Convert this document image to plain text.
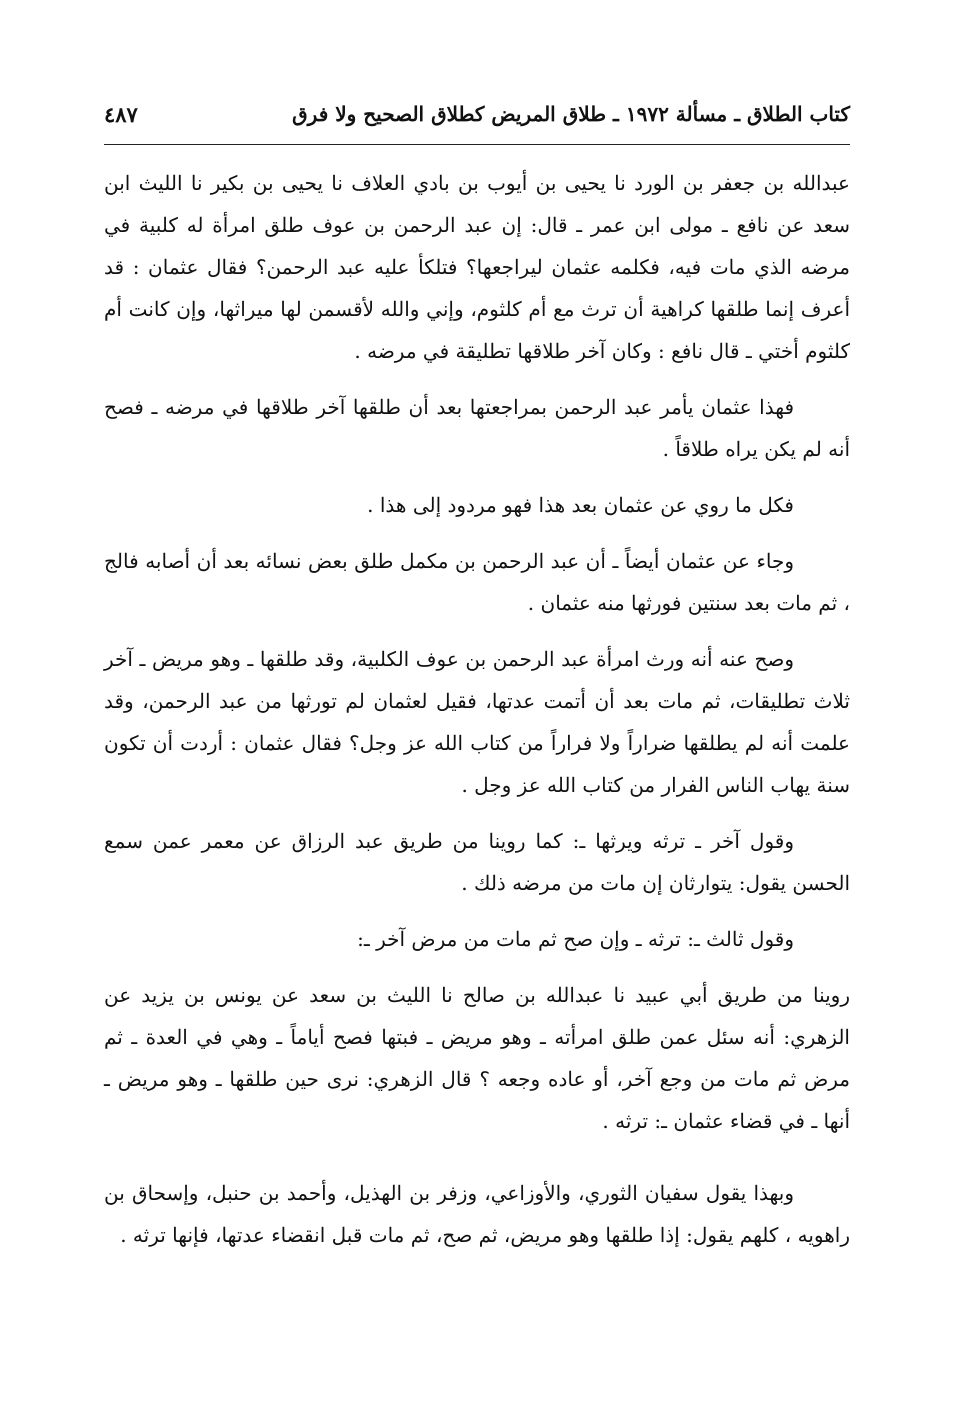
كتاب الطلاق ـ مسألة ١٩٧٢ ـ طلاق المريض كطلاق الصحيح ولا فرق
٤٨٧

عبدالله بن جعفر بن الورد نا يحيى بن أيوب بن بادي العلاف نا يحيى بن بكير نا الليث ابن سعد عن نافع ـ مولى ابن عمر ـ قال: إن عبد الرحمن بن عوف طلق امرأة له كلبية في مرضه الذي مات فيه، فكلمه عثمان ليراجعها؟ فتلكأ عليه عبد الرحمن؟ فقال عثمان : قد أعرف إنما طلقها كراهية أن ترث مع أم كلثوم، وإني والله لأقسمن لها ميراثها، وإن كانت أم كلثوم أختي ـ قال نافع : وكان آخر طلاقها تطليقة في مرضه .

فهذا عثمان يأمر عبد الرحمن بمراجعتها بعد أن طلقها آخر طلاقها في مرضه ـ فصح أنه لم يكن يراه طلاقاً .

فكل ما روي عن عثمان بعد هذا فهو مردود إلى هذا .

وجاء عن عثمان أيضاً ـ أن عبد الرحمن بن مكمل طلق بعض نسائه بعد أن أصابه فالج ، ثم مات بعد سنتين فورثها منه عثمان .

وصح عنه أنه ورث امرأة عبد الرحمن بن عوف الكلبية، وقد طلقها ـ وهو مريض ـ آخر ثلاث تطليقات، ثم مات بعد أن أتمت عدتها، فقيل لعثمان لم تورثها من عبد الرحمن، وقد علمت أنه لم يطلقها ضراراً ولا فراراً من كتاب الله عز وجل؟ فقال عثمان : أردت أن تكون سنة يهاب الناس الفرار من كتاب الله عز وجل .

وقول آخر ـ ترثه ويرثها ـ: كما روينا من طريق عبد الرزاق عن معمر عمن سمع الحسن يقول: يتوارثان إن مات من مرضه ذلك .

وقول ثالث ـ: ترثه ـ وإن صح ثم مات من مرض آخر ـ:

روينا من طريق أبي عبيد نا عبدالله بن صالح نا الليث بن سعد عن يونس بن يزيد عن الزهري: أنه سئل عمن طلق امرأته ـ وهو مريض ـ فبتها فصح أياماً ـ وهي في العدة ـ ثم مرض ثم مات من وجع آخر، أو عاده وجعه ؟ قال الزهري: نرى حين طلقها ـ وهو مريض ـ أنها ـ في قضاء عثمان ـ: ترثه .

وبهذا يقول سفيان الثوري، والأوزاعي، وزفر بن الهذيل، وأحمد بن حنبل، وإسحاق بن راهويه ، كلهم يقول: إذا طلقها وهو مريض، ثم صح، ثم مات قبل انقضاء عدتها، فإنها ترثه .
